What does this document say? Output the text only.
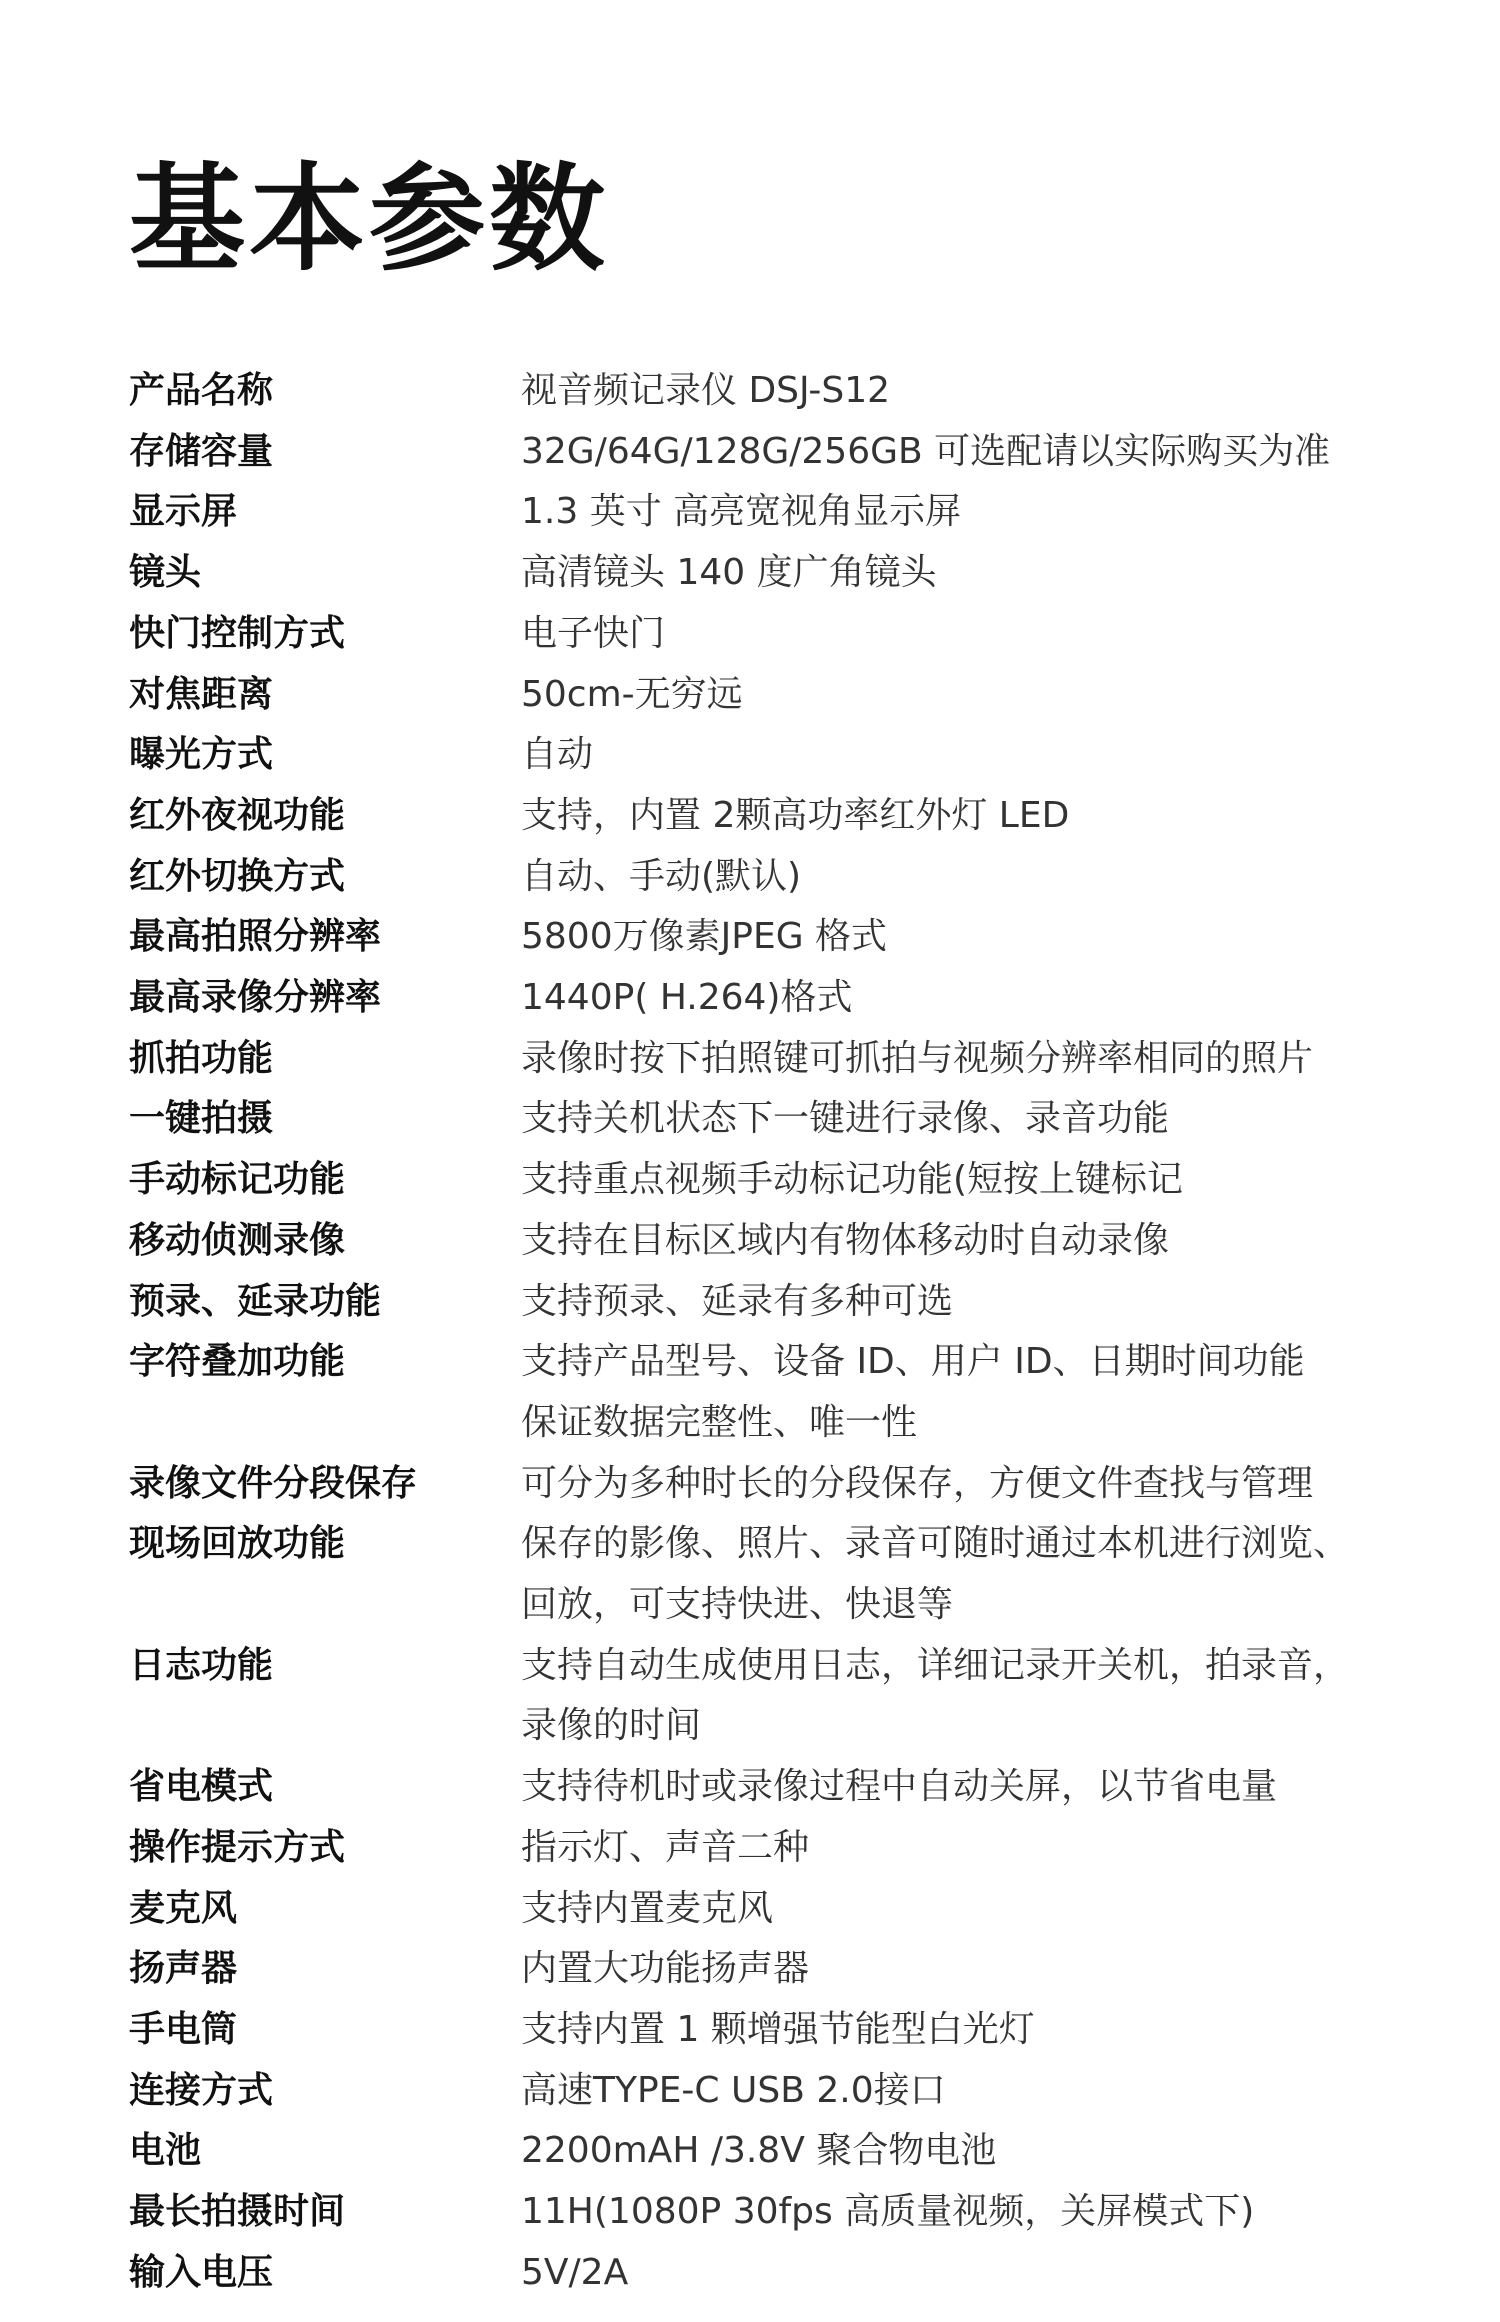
基本参数
产品名称	视音频记录仪 DSJ-S12
存储容量	32G/64G/128G/256GB 可选配请以实际购买为准
显示屏	1.3 英寸 高亮宽视角显示屏
镜头	高清镜头 140 度广角镜头
快门控制方式	电子快门
对焦距离	50cm-无穷远
曝光方式	自动
红外夜视功能	支持，内置 2颗高功率红外灯 LED
红外切换方式	自动、手动(默认)
最高拍照分辨率	5800万像素JPEG 格式
最高录像分辨率	1440P( H.264)格式
抓拍功能	录像时按下拍照键可抓拍与视频分辨率相同的照片
一键拍摄	支持关机状态下一键进行录像、录音功能
手动标记功能	支持重点视频手动标记功能(短按上键标记
移动侦测录像	支持在目标区域内有物体移动时自动录像
预录、延录功能	支持预录、延录有多种可选
字符叠加功能	支持产品型号、设备 ID、用户 ID、日期时间功能
保证数据完整性、唯一性
录像文件分段保存	可分为多种时长的分段保存，方便文件查找与管理
现场回放功能	保存的影像、照片、录音可随时通过本机进行浏览、
回放，可支持快进、快退等
日志功能	支持自动生成使用日志，详细记录开关机，拍录音，
录像的时间
省电模式	支持待机时或录像过程中自动关屏，以节省电量
操作提示方式	指示灯、声音二种
麦克风	支持内置麦克风
扬声器	内置大功能扬声器
手电筒	支持内置 1 颗增强节能型白光灯
连接方式	高速TYPE-C USB 2.0接口
电池	2200mAH /3.8V 聚合物电池
最长拍摄时间	11H(1080P 30fps 高质量视频，关屏模式下)
输入电压	5V/2A
